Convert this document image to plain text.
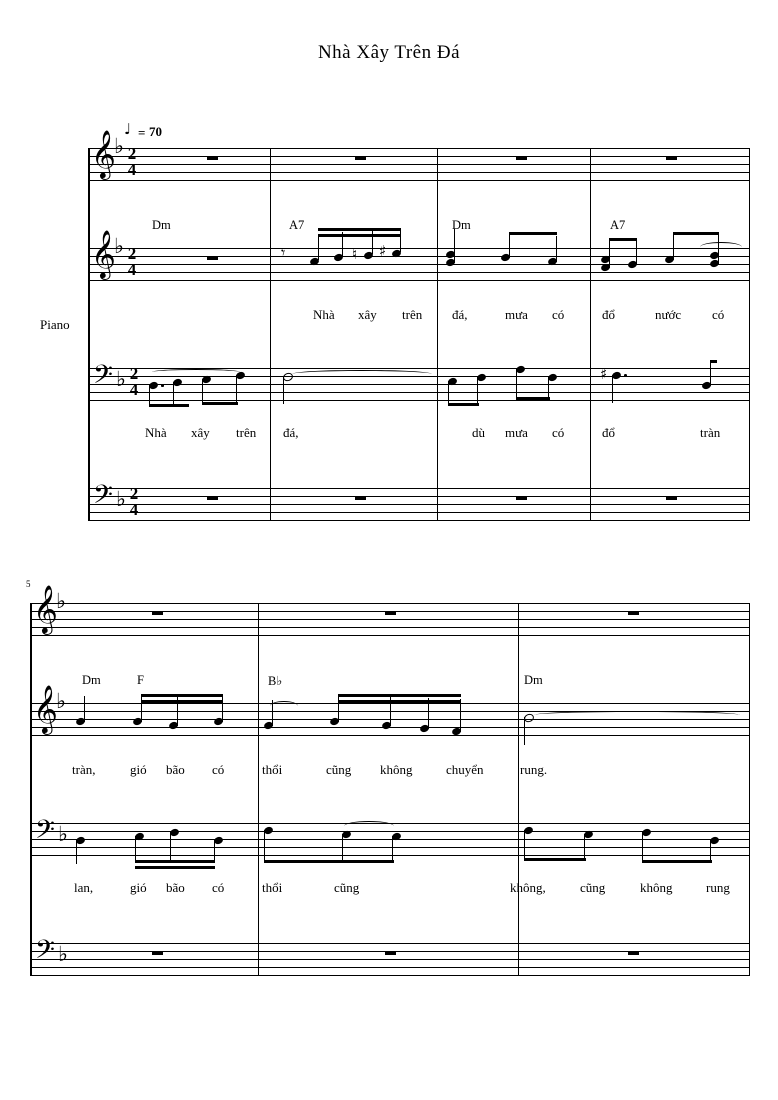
Nhà Xây Trên Đá
♩ = 70
Piano
𝄞
♭ 2
4
𝄞
♭ 2
4
𝄾	♮ ♯
𝄢 ♭ 2
4
♯
𝄢 ♭ 2
4
Dm	A7	Dm	A7
Nhà xây trên đá,	mưa có	đổ	nước có
Nhà xây trên đá,	dù mưa có	đổ	tràn
5 𝄞
♭
𝄞
♭
𝄢 ♭
𝄢 ♭
Dm	F	B♭	Dm
tràn,	gió bão có	thổi	cũng không	chuyển	rung.
lan,	gió bão có	thổi	cũng	không,	cũng	không	rung
